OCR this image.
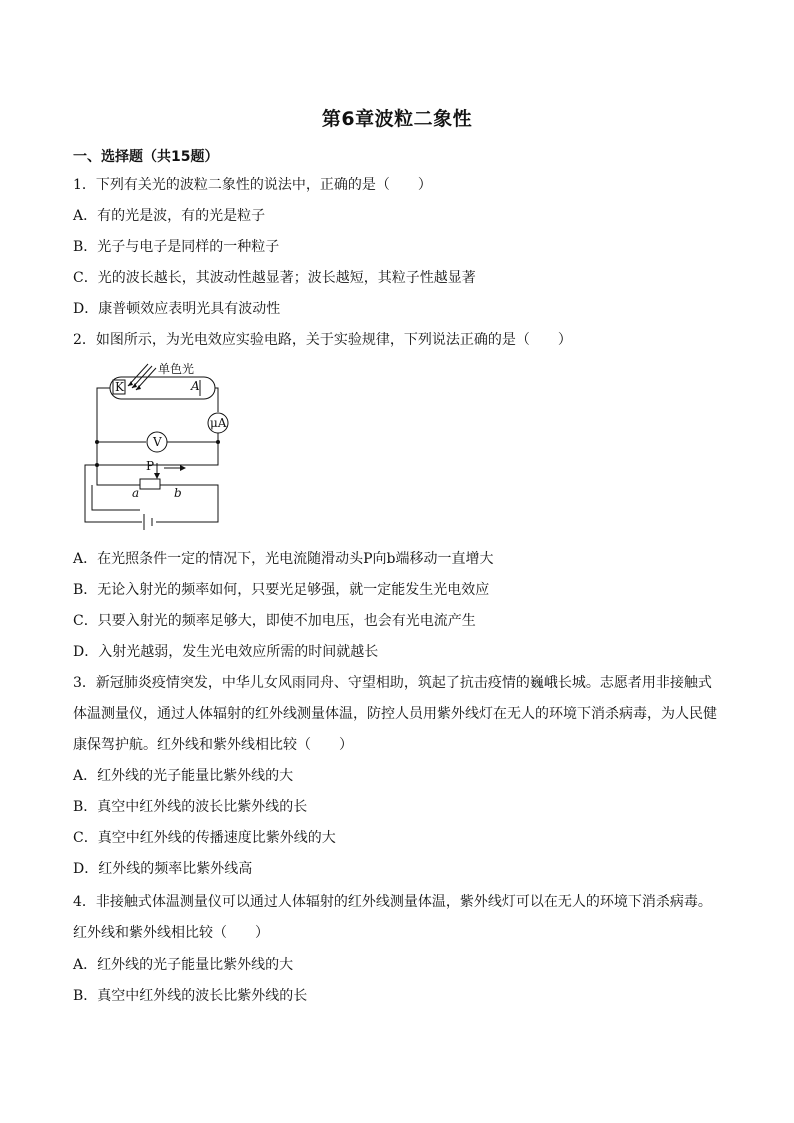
第6章波粒二象性
一、选择题（共15题）
1．下列有关光的波粒二象性的说法中，正确的是（　　）
A．有的光是波，有的光是粒子
B．光子与电子是同样的一种粒子
C．光的波长越长，其波动性越显著；波长越短，其粒子性越显著
D．康普顿效应表明光具有波动性
2．如图所示，为光电效应实验电路，关于实验规律，下列说法正确的是（　　）
单色光
K	A
μA
V
P
a	b
A．在光照条件一定的情况下，光电流随滑动头P向b端移动一直增大
B．无论入射光的频率如何，只要光足够强，就一定能发生光电效应
C．只要入射光的频率足够大，即使不加电压，也会有光电流产生
D．入射光越弱，发生光电效应所需的时间就越长
3．新冠肺炎疫情突发，中华儿女风雨同舟、守望相助，筑起了抗击疫情的巍峨长城。志愿者用非接触式
体温测量仪，通过人体辐射的红外线测量体温，防控人员用紫外线灯在无人的环境下消杀病毒，为人民健
康保驾护航。红外线和紫外线相比较（　　）
A．红外线的光子能量比紫外线的大
B．真空中红外线的波长比紫外线的长
C．真空中红外线的传播速度比紫外线的大
D．红外线的频率比紫外线高
4．非接触式体温测量仪可以通过人体辐射的红外线测量体温，紫外线灯可以在无人的环境下消杀病毒。
红外线和紫外线相比较（　　）
A．红外线的光子能量比紫外线的大
B．真空中红外线的波长比紫外线的长
